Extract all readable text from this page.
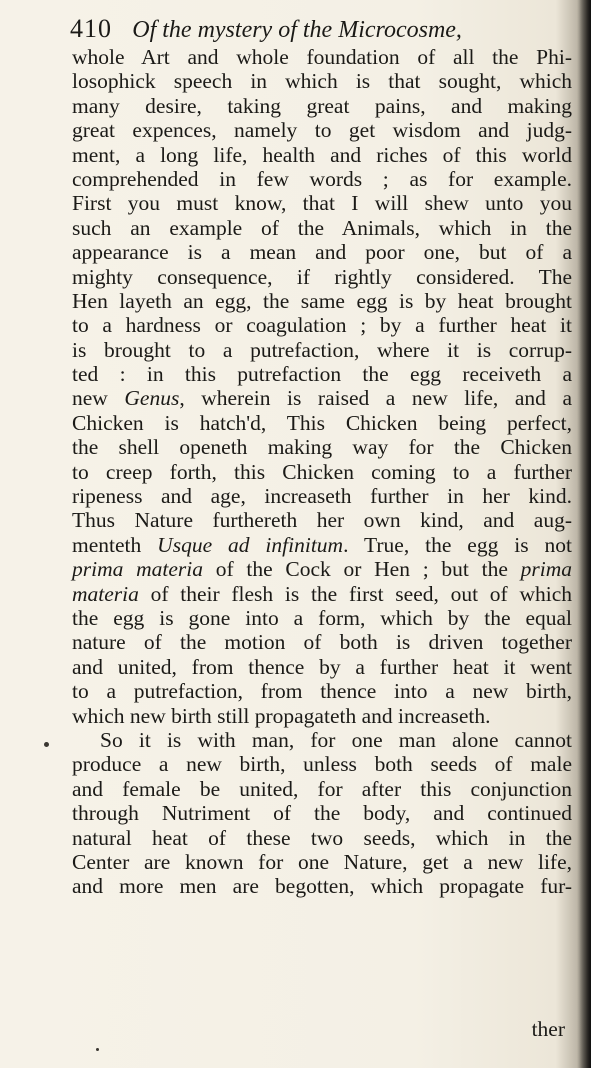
410 Of the mystery of the Microcosme,
whole Art and whole foundation of all the Phi-
losophick speech in which is that sought, which
many desire, taking great pains, and making
great expences, namely to get wisdom and judg-
ment, a long life, health and riches of this world
comprehended in few words ; as for example.
First you must know, that I will shew unto you
such an example of the Animals, which in the
appearance is a mean and poor one, but of a
mighty consequence, if rightly considered. The
Hen layeth an egg, the same egg is by heat brought
to a hardness or coagulation ; by a further heat it
is brought to a putrefaction, where it is corrup-
ted : in this putrefaction the egg receiveth a
new Genus, wherein is raised a new life, and a
Chicken is hatch'd, This Chicken being perfect,
the shell openeth making way for the Chicken
to creep forth, this Chicken coming to a further
ripeness and age, increaseth further in her kind.
Thus Nature furthereth her own kind, and aug-
menteth Usque ad infinitum. True, the egg is not
prima materia of the Cock or Hen ; but the prima
materia of their flesh is the first seed, out of which
the egg is gone into a form, which by the equal
nature of the motion of both is driven together
and united, from thence by a further heat it went
to a putrefaction, from thence into a new birth,
which new birth still propagateth and increaseth.
So it is with man, for one man alone cannot
produce a new birth, unless both seeds of male
and female be united, for after this conjunction
through Nutriment of the body, and continued
natural heat of these two seeds, which in the
Center are known for one Nature, get a new life,
and more men are begotten, which propagate fur-
ther
